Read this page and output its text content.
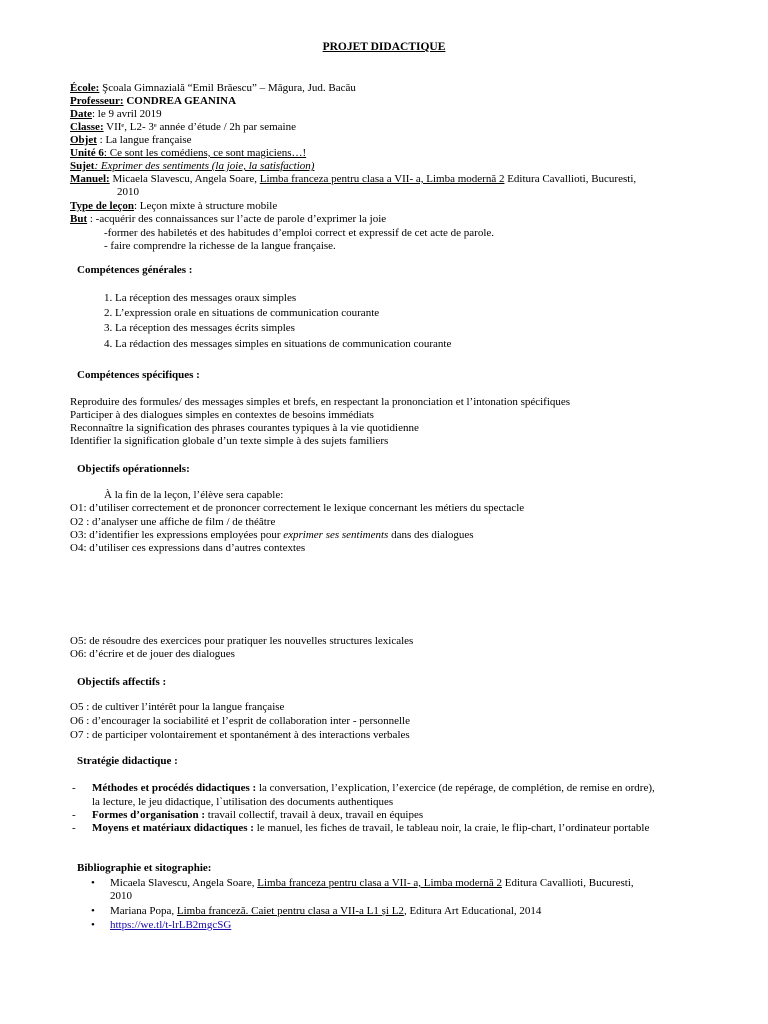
PROJET DIDACTIQUE
École: Şcoala Gimnazială “Emil Brăescu” – Măgura, Jud. Bacău
Professeur: CONDREA GEANINA
Date: le 9 avril 2019
Classe: VIIᵉ, L2- 3ᵉ année d’étude / 2h par semaine
Objet : La langue française
Unité 6: Ce sont les comédiens, ce sont magiciens…!
Sujet: Exprimer des sentiments (la joie, la satisfaction)
Manuel: Micaela Slavescu, Angela Soare, Limba franceza pentru clasa a VII- a, Limba modernă 2 Editura Cavallioti, Bucuresti,
2010
Type de leçon: Leçon mixte à structure mobile
But : -acquérir des connaissances sur l’acte de parole d’exprimer la joie
-former des habiletés et des habitudes d’emploi correct et expressif de cet acte de parole.
- faire comprendre la richesse de la langue française.
Compétences générales :
1. La réception des messages oraux simples
2. L’expression orale en situations de communication courante
3. La réception des messages écrits simples
4. La rédaction des messages simples en situations de communication courante
Compétences spécifiques :
Reproduire des formules/ des messages simples et brefs, en respectant la prononciation et l’intonation spécifiques
Participer à des dialogues simples en contextes de besoins immédiats
Reconnaître la signification des phrases courantes typiques à la vie quotidienne
Identifier la signification globale d’un texte simple à des sujets familiers
Objectifs opérationnels:
À la fin de la leçon, l’élève sera capable:
O1: d’utiliser correctement et de prononcer correctement le lexique concernant les métiers du spectacle
O2 : d’analyser une affiche de film / de théâtre
O3: d’identifier les expressions employées pour exprimer ses sentiments dans des dialogues
O4: d’utiliser ces expressions dans d’autres contextes
O5: de résoudre des exercices pour pratiquer les nouvelles structures lexicales
O6: d’écrire et de jouer des dialogues
Objectifs affectifs :
O5 : de cultiver l’intérêt pour la langue française
O6 : d’encourager la sociabilité et l’esprit de collaboration inter - personnelle
O7 : de participer volontairement et spontanément à des interactions verbales
Stratégie didactique :
- Méthodes et procédés didactiques : la conversation, l’explication, l’exercice (de repérage, de complétion, de remise en ordre),
la lecture, le jeu didactique, l`utilisation des documents authentiques
- Formes d’organisation : travail collectif, travail à deux, travail en équipes
- Moyens et matériaux didactiques : le manuel, les fiches de travail, le tableau noir, la craie, le flip-chart, l’ordinateur portable
Bibliographie et sitographie:
• Micaela Slavescu, Angela Soare, Limba franceza pentru clasa a VII- a, Limba modernă 2 Editura Cavallioti, Bucuresti,
2010
• Mariana Popa, Limba franceză. Caiet pentru clasa a VII-a L1 și L2, Editura Art Educational, 2014
• https://we.tl/t-lrLB2mgcSG
